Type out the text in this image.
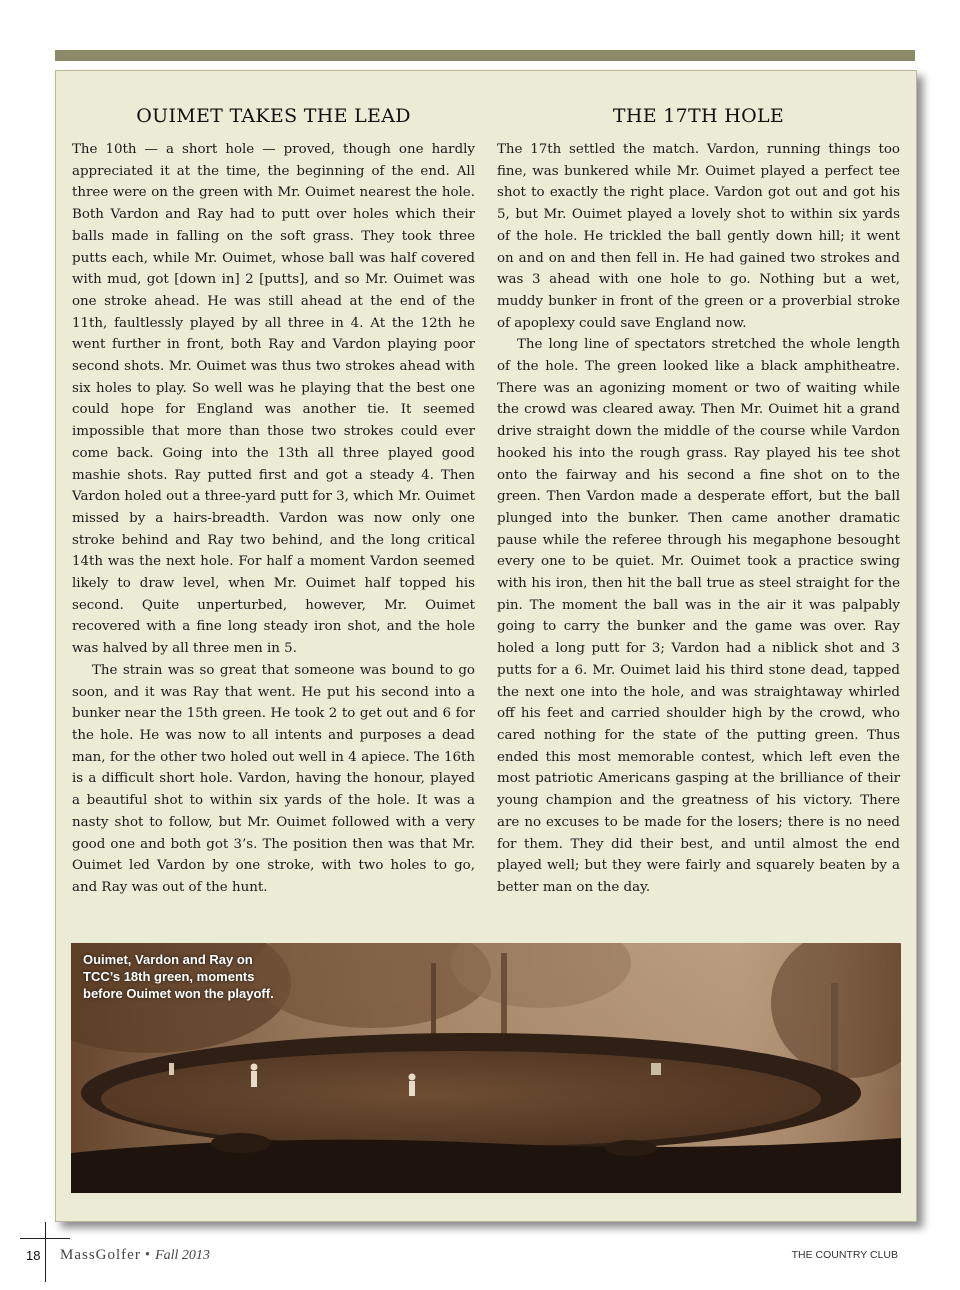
OUIMET TAKES THE LEAD

The 10th — a short hole — proved, though one hardly appreciated it at the time, the beginning of the end. All three were on the green with Mr. Ouimet nearest the hole. Both Vardon and Ray had to putt over holes which their balls made in falling on the soft grass. They took three putts each, while Mr. Ouimet, whose ball was half covered with mud, got [down in] 2 [putts], and so Mr. Ouimet was one stroke ahead. He was still ahead at the end of the 11th, faultlessly played by all three in 4. At the 12th he went further in front, both Ray and Vardon playing poor second shots. Mr. Ouimet was thus two strokes ahead with six holes to play. So well was he playing that the best one could hope for England was another tie. It seemed impossible that more than those two strokes could ever come back. Going into the 13th all three played good mashie shots. Ray putted first and got a steady 4. Then Vardon holed out a three-yard putt for 3, which Mr. Ouimet missed by a hairs-breadth. Vardon was now only one stroke behind and Ray two behind, and the long critical 14th was the next hole. For half a moment Vardon seemed likely to draw level, when Mr. Ouimet half topped his second. Quite unperturbed, however, Mr. Ouimet recovered with a fine long steady iron shot, and the hole was halved by all three men in 5.

The strain was so great that someone was bound to go soon, and it was Ray that went. He put his second into a bunker near the 15th green. He took 2 to get out and 6 for the hole. He was now to all intents and purposes a dead man, for the other two holed out well in 4 apiece. The 16th is a difficult short hole. Vardon, having the honour, played a beautiful shot to within six yards of the hole. It was a nasty shot to follow, but Mr. Ouimet followed with a very good one and both got 3’s. The position then was that Mr. Ouimet led Vardon by one stroke, with two holes to go, and Ray was out of the hunt.

THE 17TH HOLE

The 17th settled the match. Vardon, running things too fine, was bunkered while Mr. Ouimet played a perfect tee shot to exactly the right place. Vardon got out and got his 5, but Mr. Ouimet played a lovely shot to within six yards of the hole. He trickled the ball gently down hill; it went on and on and then fell in. He had gained two strokes and was 3 ahead with one hole to go. Nothing but a wet, muddy bunker in front of the green or a proverbial stroke of apoplexy could save England now.

The long line of spectators stretched the whole length of the hole. The green looked like a black amphitheatre. There was an agonizing moment or two of waiting while the crowd was cleared away. Then Mr. Ouimet hit a grand drive straight down the middle of the course while Vardon hooked his into the rough grass. Ray played his tee shot onto the fairway and his second a fine shot on to the green. Then Vardon made a desperate effort, but the ball plunged into the bunker. Then came another dramatic pause while the referee through his megaphone besought every one to be quiet. Mr. Ouimet took a practice swing with his iron, then hit the ball true as steel straight for the pin. The moment the ball was in the air it was palpably going to carry the bunker and the game was over. Ray holed a long putt for 3; Vardon had a niblick shot and 3 putts for a 6. Mr. Ouimet laid his third stone dead, tapped the next one into the hole, and was straightaway whirled off his feet and carried shoulder high by the crowd, who cared nothing for the state of the putting green. Thus ended this most memorable contest, which left even the most patriotic Americans gasping at the brilliance of their young champion and the greatness of his victory. There are no excuses to be made for the losers; there is no need for them. They did their best, and until almost the end played well; but they were fairly and squarely beaten by a better man on the day.

Ouimet, Vardon and Ray on TCC’s 18th green, moments before Ouimet won the playoff.
18 MassGolfer • Fall 2013	THE COUNTRY CLUB
